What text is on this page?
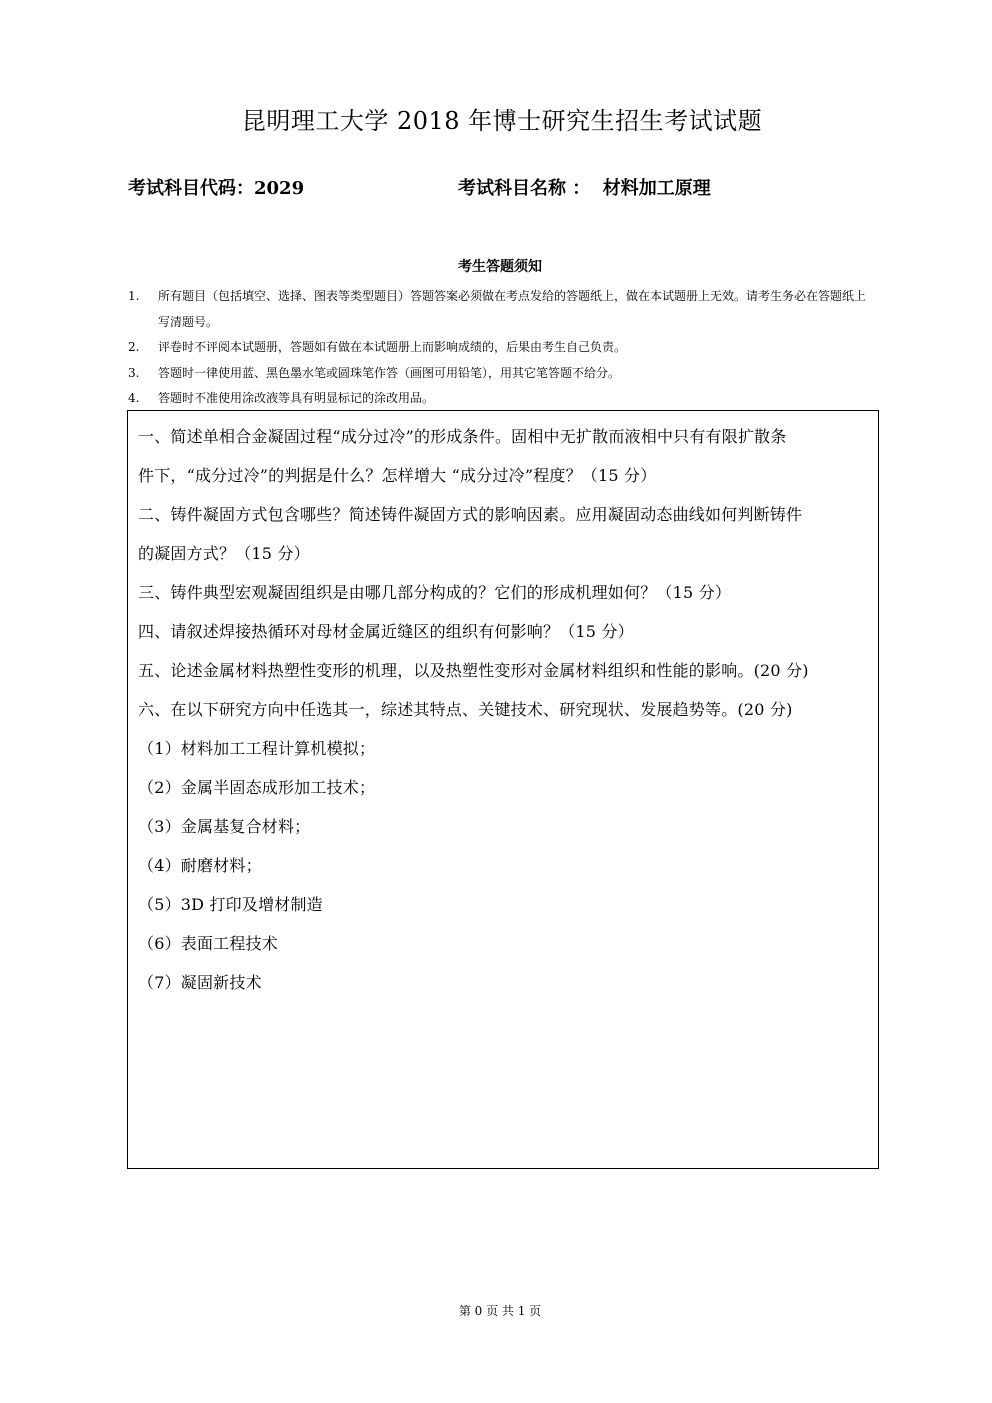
昆明理工大学 2018 年博士研究生招生考试试题
考试科目代码：2029	考试科目名称 ：  材料加工原理
考生答题须知
1. 所有题目（包括填空、选择、图表等类型题目）答题答案必须做在考点发给的答题纸上，做在本试题册上无效。请考生务必在答题纸上写清题号。
2. 评卷时不评阅本试题册，答题如有做在本试题册上而影响成绩的，后果由考生自己负责。
3. 答题时一律使用蓝、黑色墨水笔或圆珠笔作答（画图可用铅笔），用其它笔答题不给分。
4. 答题时不准使用涂改液等具有明显标记的涂改用品。
一、简述单相合金凝固过程“成分过冷”的形成条件。固相中无扩散而液相中只有有限扩散条
件下，“成分过冷”的判据是什么？怎样增大 “成分过冷”程度？（15 分）
二、铸件凝固方式包含哪些？简述铸件凝固方式的影响因素。应用凝固动态曲线如何判断铸件
的凝固方式？（15 分）
三、铸件典型宏观凝固组织是由哪几部分构成的？它们的形成机理如何？（15 分）
四、请叙述焊接热循环对母材金属近缝区的组织有何影响？（15 分）
五、论述金属材料热塑性变形的机理，以及热塑性变形对金属材料组织和性能的影响。(20 分)
六、在以下研究方向中任选其一，综述其特点、关键技术、研究现状、发展趋势等。(20 分)
（1）材料加工工程计算机模拟；
（2）金属半固态成形加工技术；
（3）金属基复合材料；
（4）耐磨材料；
（5）3D 打印及增材制造
（6）表面工程技术
（7）凝固新技术
第 0 页 共 1 页
